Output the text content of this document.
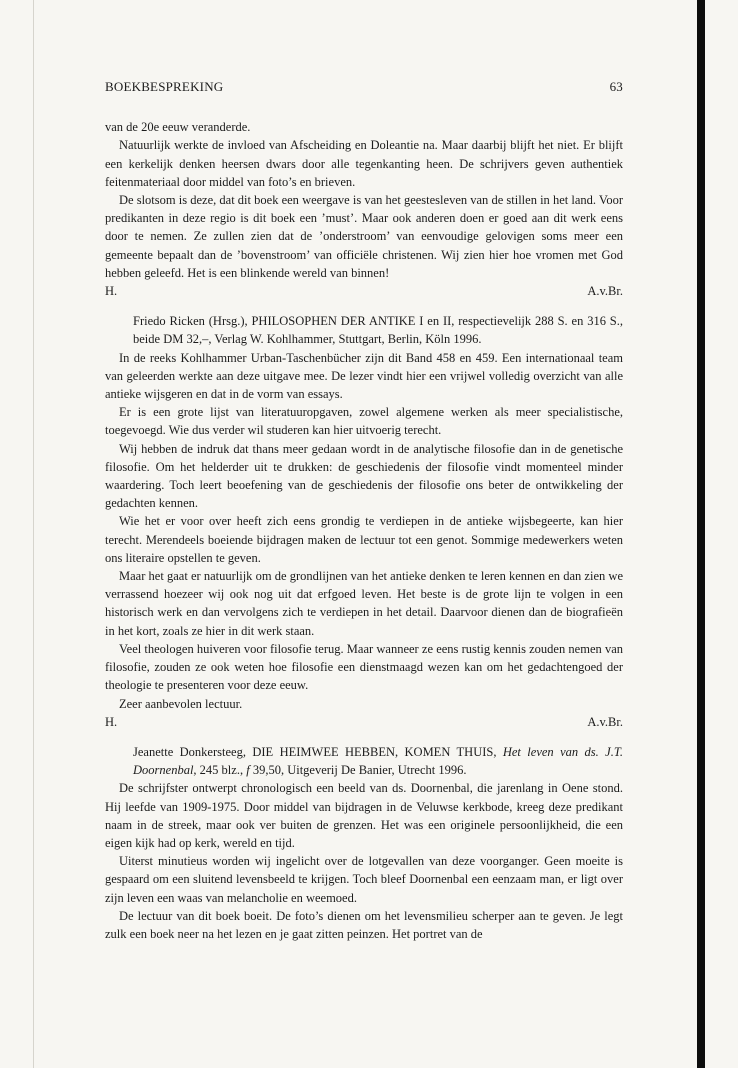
BOEKBESPREKING	63

van de 20e eeuw veranderde.

Natuurlijk werkte de invloed van Afscheiding en Doleantie na. Maar daarbij blijft het niet. Er blijft een kerkelijk denken heersen dwars door alle tegenkanting heen. De schrijvers geven authentiek feitenmateriaal door middel van foto’s en brieven.

De slotsom is deze, dat dit boek een weergave is van het geestesleven van de stillen in het land. Voor predikanten in deze regio is dit boek een ’must’. Maar ook anderen doen er goed aan dit werk eens door te nemen. Ze zullen zien dat de ’onderstroom’ van eenvoudige gelovigen soms meer een gemeente bepaalt dan de ’bovenstroom’ van officiële christenen. Wij zien hier hoe vromen met God hebben geleefd. Het is een blinkende wereld van binnen!

H.	A.v.Br.

Friedo Ricken (Hrsg.), PHILOSOPHEN DER ANTIKE I en II, respectievelijk 288 S. en 316 S., beide DM 32,–, Verlag W. Kohlhammer, Stuttgart, Berlin, Köln 1996.

In de reeks Kohlhammer Urban-Taschenbücher zijn dit Band 458 en 459. Een internationaal team van geleerden werkte aan deze uitgave mee. De lezer vindt hier een vrijwel volledig overzicht van alle antieke wijsgeren en dat in de vorm van essays.

Er is een grote lijst van literatuuropgaven, zowel algemene werken als meer specialistische, toegevoegd. Wie dus verder wil studeren kan hier uitvoerig terecht.

Wij hebben de indruk dat thans meer gedaan wordt in de analytische filosofie dan in de genetische filosofie. Om het helderder uit te drukken: de geschiedenis der filosofie vindt momenteel minder waardering. Toch leert beoefening van de geschiedenis der filosofie ons beter de ontwikkeling der gedachten kennen.

Wie het er voor over heeft zich eens grondig te verdiepen in de antieke wijsbegeerte, kan hier terecht. Merendeels boeiende bijdragen maken de lectuur tot een genot. Sommige medewerkers weten ons literaire opstellen te geven.

Maar het gaat er natuurlijk om de grondlijnen van het antieke denken te leren kennen en dan zien we verrassend hoezeer wij ook nog uit dat erfgoed leven. Het beste is de grote lijn te volgen in een historisch werk en dan vervolgens zich te verdiepen in het detail. Daarvoor dienen dan de biografieën in het kort, zoals ze hier in dit werk staan.

Veel theologen huiveren voor filosofie terug. Maar wanneer ze eens rustig kennis zouden nemen van filosofie, zouden ze ook weten hoe filosofie een dienstmaagd wezen kan om het gedachtengoed der theologie te presenteren voor deze eeuw.

Zeer aanbevolen lectuur.

H.	A.v.Br.

Jeanette Donkersteeg, DIE HEIMWEE HEBBEN, KOMEN THUIS, Het leven van ds. J.T. Doornenbal, 245 blz., f 39,50, Uitgeverij De Banier, Utrecht 1996.

De schrijfster ontwerpt chronologisch een beeld van ds. Doornenbal, die jarenlang in Oene stond. Hij leefde van 1909-1975. Door middel van bijdragen in de Veluwse kerkbode, kreeg deze predikant naam in de streek, maar ook ver buiten de grenzen. Het was een originele persoonlijkheid, die een eigen kijk had op kerk, wereld en tijd.

Uiterst minutieus worden wij ingelicht over de lotgevallen van deze voorganger. Geen moeite is gespaard om een sluitend levensbeeld te krijgen. Toch bleef Doornenbal een eenzaam man, er ligt over zijn leven een waas van melancholie en weemoed.

De lectuur van dit boek boeit. De foto’s dienen om het levensmilieu scherper aan te geven. Je legt zulk een boek neer na het lezen en je gaat zitten peinzen. Het portret van de
